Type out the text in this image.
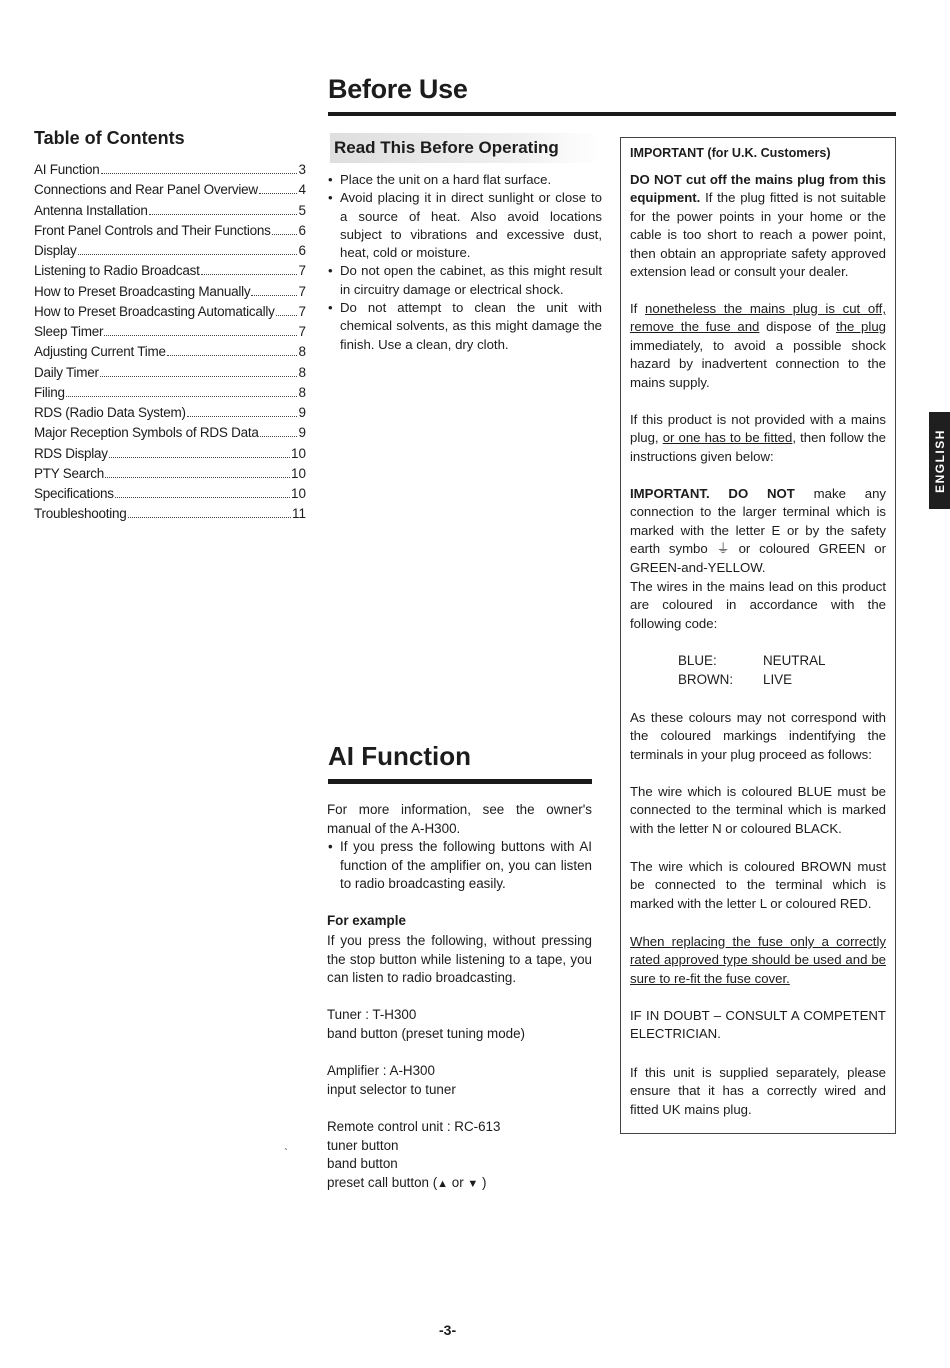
Before Use
Table of Contents
AI Function	3
Connections and Rear Panel Overview	4
Antenna Installation	5
Front Panel Controls and Their Functions 6
Display	6
Listening to Radio Broadcast	7
How to Preset Broadcasting Manually	7
How to Preset Broadcasting Automatically 7
Sleep Timer	7
Adjusting Current Time	8
Daily Timer	8
Filing	8
RDS (Radio Data System)	9
Major Reception Symbols of RDS Data	9
RDS Display	10
PTY Search	10
Specifications	10
Troubleshooting	11
Read This Before Operating
• Place the unit on a hard flat surface.
• Avoid placing it in direct sunlight or close to a source of heat. Also avoid locations subject to vibrations and excessive dust, heat, cold or moisture.
• Do not open the cabinet, as this might result in circuitry damage or electrical shock.
• Do not attempt to clean the unit with chemical solvents, as this might damage the finish. Use a clean, dry cloth.
AI Function
For more information, see the owner's manual of the A-H300.
• If you press the following buttons with AI function of the amplifier on, you can listen to radio broadcasting easily.
For example
If you press the following, without pressing the stop button while listening to a tape, you can listen to radio broadcasting.
Tuner : T-H300
band button (preset tuning mode)
Amplifier : A-H300
input selector to tuner
Remote control unit : RC-613
tuner button
band button
preset call button (▲ or ▼ )
IMPORTANT (for U.K. Customers)
DO NOT cut off the mains plug from this equipment. If the plug fitted is not suitable for the power points in your home or the cable is too short to reach a power point, then obtain an appropriate safety approved extension lead or consult your dealer.
If nonetheless the mains plug is cut off, remove the fuse and dispose of the plug immediately, to avoid a possible shock hazard by inadvertent connection to the mains supply.
If this product is not provided with a mains plug, or one has to be fitted, then follow the instructions given below:
IMPORTANT. DO NOT make any connection to the larger terminal which is marked with the letter E or by the safety earth symbo ⏚ or coloured GREEN or GREEN-and-YELLOW.
The wires in the mains lead on this product are coloured in accordance with the following code:
BLUE:	NEUTRAL
BROWN: LIVE
As these colours may not correspond with the coloured markings indentifying the terminals in your plug proceed as follows:
The wire which is coloured BLUE must be connected to the terminal which is marked with the letter N or coloured BLACK.
The wire which is coloured BROWN must be connected to the terminal which is marked with the letter L or coloured RED.
When replacing the fuse only a correctly rated approved type should be used and be sure to re-fit the fuse cover.
IF IN DOUBT – CONSULT A COMPETENT ELECTRICIAN.
If this unit is supplied separately, please ensure that it has a correctly wired and fitted UK mains plug.
ENGLISH
-3-
ˋ
